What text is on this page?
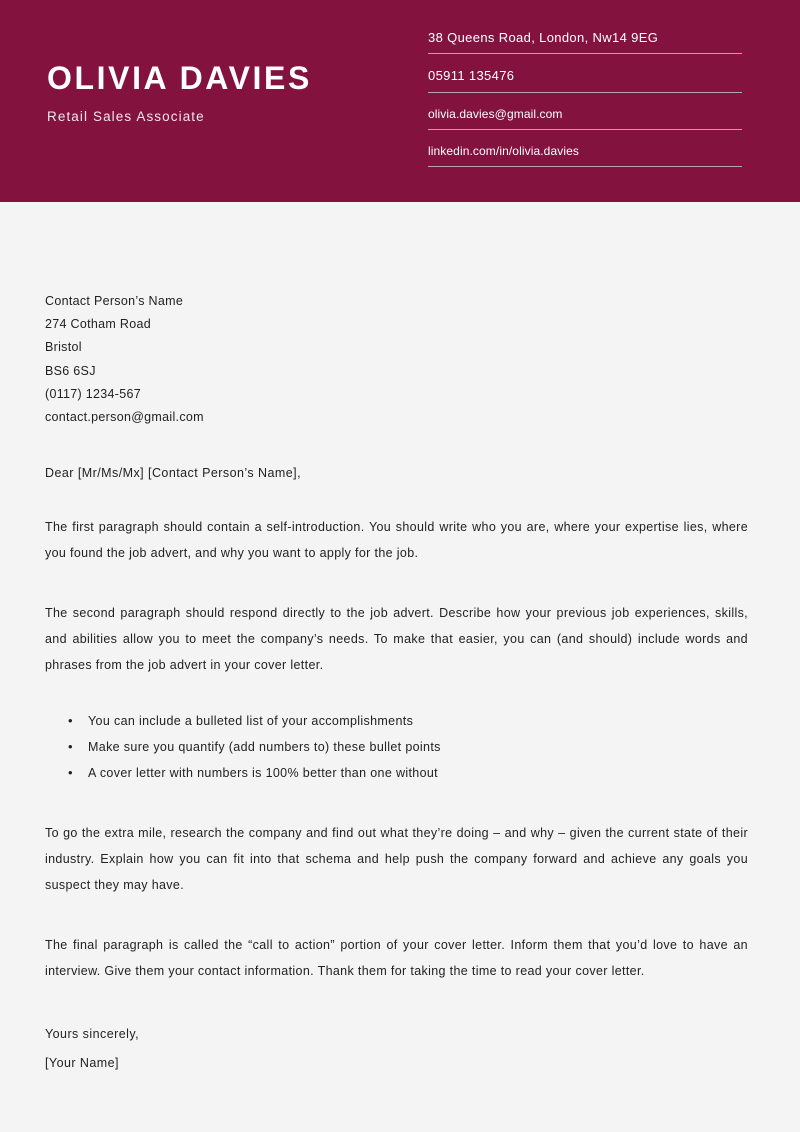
OLIVIA DAVIES
Retail Sales Associate
38 Queens Road, London, Nw14 9EG
05911 135476
olivia.davies@gmail.com
linkedin.com/in/olivia.davies
Contact Person’s Name
274 Cotham Road
Bristol
BS6 6SJ
(0117) 1234-567
contact.person@gmail.com
Dear [Mr/Ms/Mx] [Contact Person’s Name],
The first paragraph should contain a self-introduction. You should write who you are, where your expertise lies, where you found the job advert, and why you want to apply for the job.
The second paragraph should respond directly to the job advert. Describe how your previous job experiences, skills, and abilities allow you to meet the company’s needs. To make that easier, you can (and should) include words and phrases from the job advert in your cover letter.
• You can include a bulleted list of your accomplishments
• Make sure you quantify (add numbers to) these bullet points
• A cover letter with numbers is 100% better than one without
To go the extra mile, research the company and find out what they’re doing – and why – given the current state of their industry. Explain how you can fit into that schema and help push the company forward and achieve any goals you suspect they may have.
The final paragraph is called the “call to action” portion of your cover letter. Inform them that you’d love to have an interview. Give them your contact information. Thank them for taking the time to read your cover letter.
Yours sincerely,
[Your Name]
